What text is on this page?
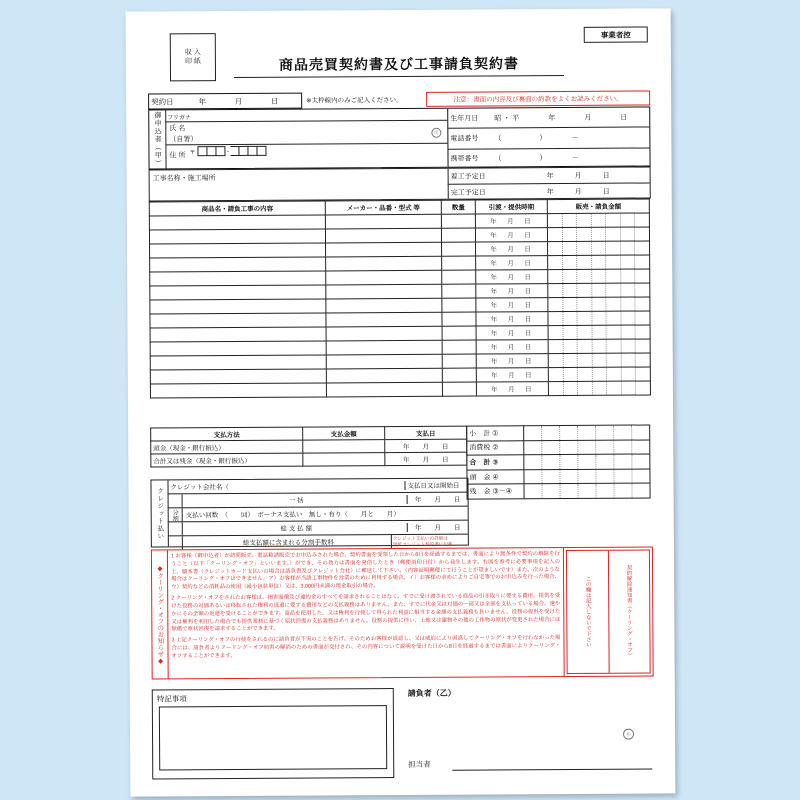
収 入
印 紙
事業者控
商品売買契約書及び工事請負契約書
契約日	年	月	日	※太枠線内のみご記入ください。	注意：書面の内容及び裏面の約款をよくお読みください。
御申込者（甲） フリガナ
氏 名
（自署）
印
住 所 〒	-
生年月日	昭・平　　　年　　　月　　　日
電話番号	（　　　　）　　　－
携帯番号	（　　　　）　　　－
工事名称・施工場所	着工予定日	年　　　月　　　日
完工予定日	年　　　月　　　日
商品名・請負工事の内容	メーカー・品番・型式 等	数量	引渡・提供時期	販売・請負金額
			年　月　日	

			年　月　日	

			年　月　日	

			年　月　日	

			年　月　日	

			年　月　日	

			年　月　日	

			年　月　日	

			年　月　日	

			年　月　日	

			年　月　日	

			年　月　日	

			年　月　日	
支払方法	支払金額	支払日
頭金（現金・銀行振込）		年　　月　　日
合計又は残金（現金・銀行振込）		年　　月　　日
小　計 ①	

消費税 ②	

合　計 ③	

頭　金 ④	

残　金 ③－④	
クレジット払い	クレジット会社名（	支払日又は開始日

一 括	年　　月　　日
分割	支払い回数　（　　回）　ボーナス支払い　無し・有り（　　月と　　月）

総 支 払 額	年　　月　　日

総支払額に含まれる分割手数料
クレジット支払いの詳細は
別紙クレジット契約書に記載
◆クーリング・オフのお知らせ◆

1 お客様（御申込者）が訪問販売、電話勧誘販売でお申込みされた場合、契約書面を受領した日から8日を経過するまでは、書面により無条件で契約の解除を行うこと（以下「クーリング・オフ」といいます。）ができ、その効力は書面を発信したとき（郵便消印日付）から発生します。右図を参考に必要事項を記入の上、謄本書（クレジットカード支払いの場合は請負書及びクレジット会社）に郵送して下さい。（内容証明郵便にて行うことが望ましいです）また、次のような場合はクーリング・オフはできません。ア）お客様が当該工事物件を営業のために利用する場合、イ）お客様の求めによりご自宅等でのお申込みを行った場合、ウ）契約などの消耗品の使用（最小包装単位）又は、3,000円未満の現金取引の場合。

2 クーリング・オフをされたお客様は、損害賠償及び違約金のすべてを請求されることはなく、すでに受け渡されている商品の引き取りに要する費用、提供を受けた役務の対価あるいは移転された権利の返還に要する費用などの支払義務はありません。また、すでに代金又は対価の一部又は全部を支払っている場合、速やかにその全額の返還を受けることができます。商品を使用した、又は権利を行使して得られた利益に相当する金額の支払義務も負いません。役務の提供を受けた又は権利を利用した場合でも提供業務に基づく原状回復の支払義務はありません。役務の提供に伴い、土地又は建物その他の工作物の原状が変更された場合には無償で原状回復を請求することができます。

3 上記クーリング・オフの行使をされるのに請負者が不実のことを告げ、そのためお客様が誤認し、又は威迫により困惑してクーリング・オフを行わなかった場合には、請負者よりクーリング・オフ妨害の解消のための書面が交付され、その内容について説明を受けた日から8日を経過するまでは書面によりクーリング・オフすることができます。

この欄は記入しないで下さい	契約解除通知書（クーリング・オフ）
特記事項
請負者（乙）
印
担当者
